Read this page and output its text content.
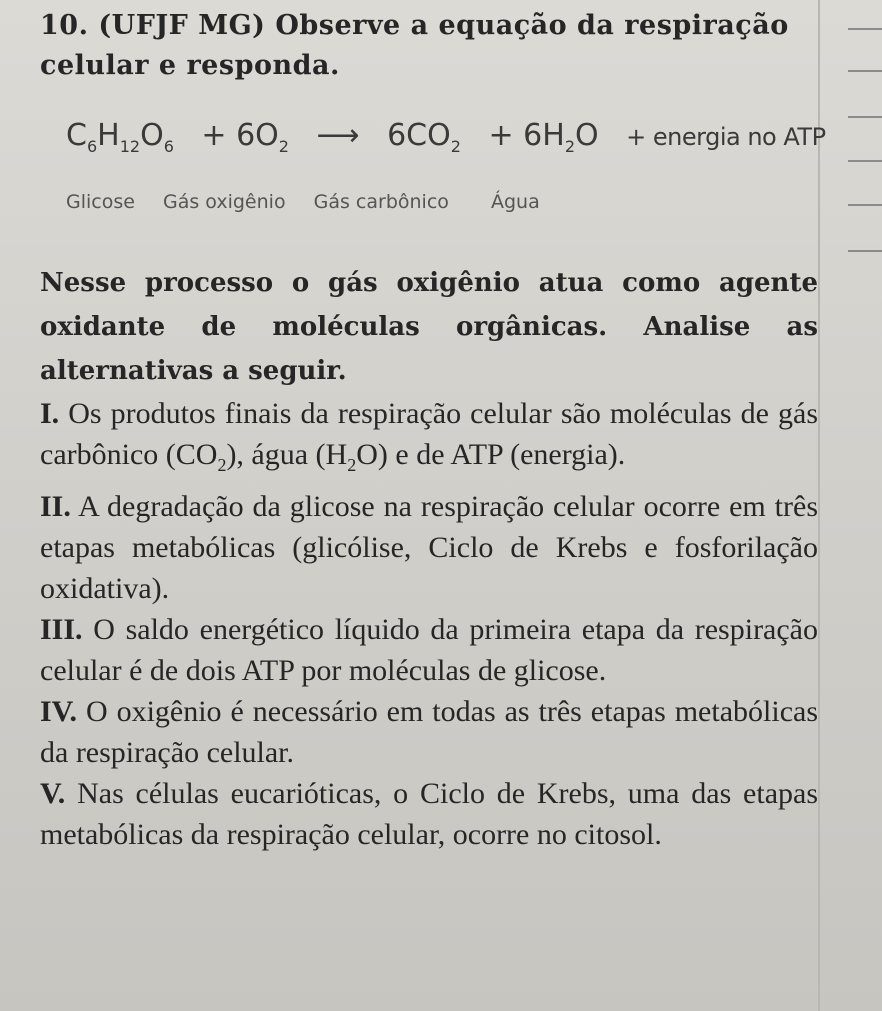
10. (UFJF MG) Observe a equação da respiração celular e responda.

$C_6H_{12}O_6 + 6O_2$ ⟶ $6CO_2 + 6H_2O$ + energia no ATP
Glicose Gás oxigênio Gás carbônico Água

Nesse processo o gás oxigênio atua como agente oxidante de moléculas orgânicas. Analise as alternativas a seguir.

I. Os produtos finais da respiração celular são moléculas de gás carbônico $(CO_2)$, água $(H_2O)$ e de ATP (energia).

II. A degradação da glicose na respiração celular ocorre em três etapas metabólicas (glicólise, Ciclo de Krebs e fosforilação oxidativa).

III. O saldo energético líquido da primeira etapa da respiração celular é de dois ATP por moléculas de glicose.

IV. O oxigênio é necessário em todas as três etapas metabólicas da respiração celular.

V. Nas células eucarióticas, o Ciclo de Krebs, uma das etapas metabólicas da respiração celular, ocorre no citosol.
